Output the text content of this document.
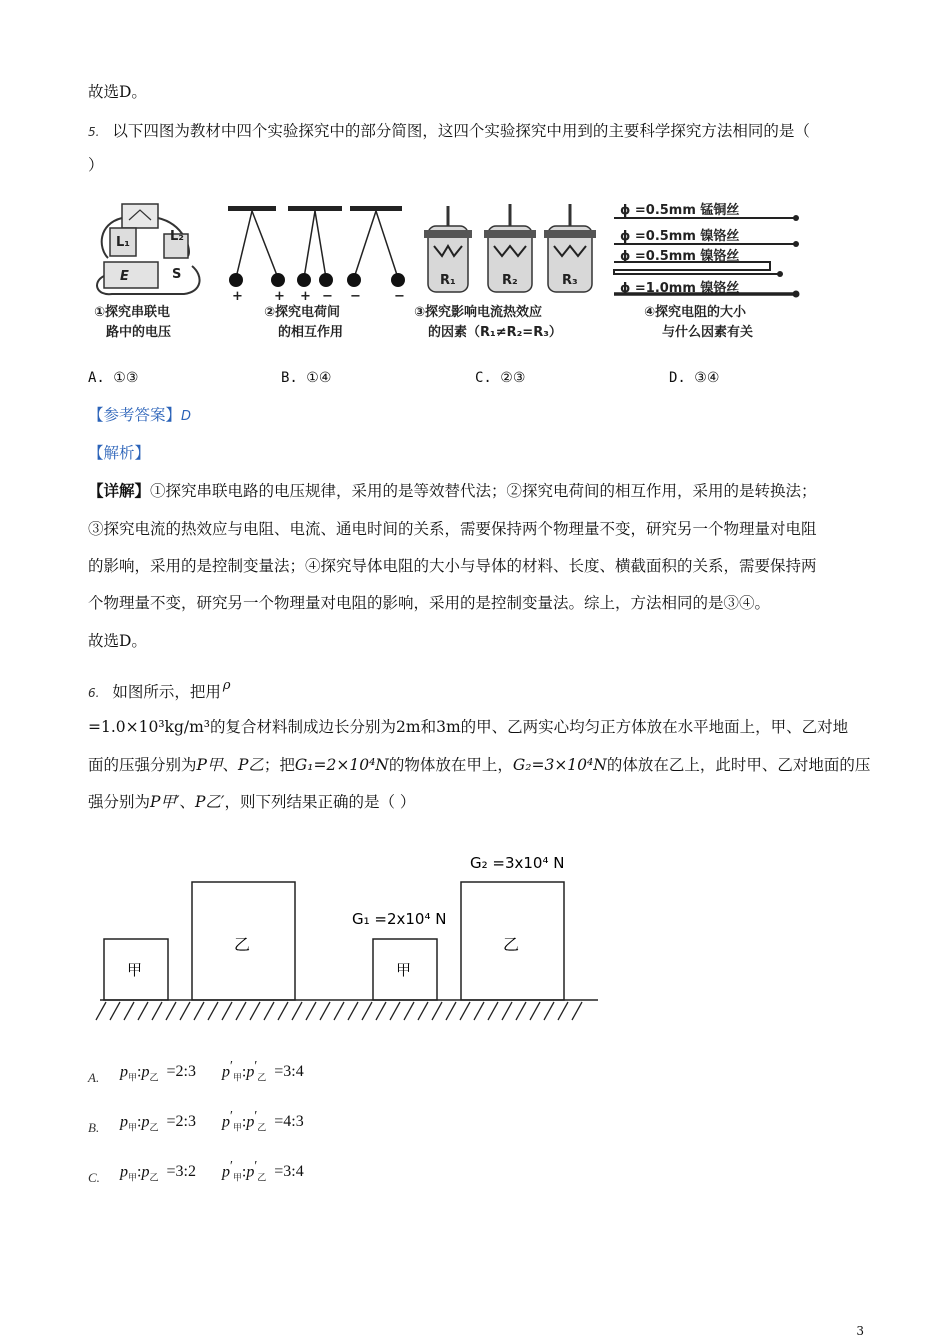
故选D。
5. 以下四图为教材中四个实验探究中的部分简图，这四个实验探究中用到的主要科学探究方法相同的是（
）
L₁	L₂
E	S
①探究串联电
路中的电压
+ + + − −	−
②探究电荷间
的相互作用
R₁	R₂	R₃
③探究影响电流热效应
的因素（R₁≠R₂=R₃）
ϕ =0.5mm 锰铜丝
ϕ =0.5mm 镍铬丝
ϕ =0.5mm 镍铬丝
ϕ =1.0mm 镍铬丝
④探究电阻的大小
与什么因素有关
A. ①③	B. ①④	C. ②③	D. ③④
【参考答案】D
【解析】
【详解】①探究串联电路的电压规律，采用的是等效替代法；②探究电荷间的相互作用，采用的是转换法；
③探究电流的热效应与电阻、电流、通电时间的关系，需要保持两个物理量不变，研究另一个物理量对电阻
的影响，采用的是控制变量法；④探究导体电阻的大小与导体的材料、长度、横截面积的关系，需要保持两
个物理量不变，研究另一个物理量对电阻的影响，采用的是控制变量法。综上，方法相同的是③④。
故选D。
6. 如图所示，把用 $^\rho$
=1.0×10³kg/m³的复合材料制成边长分别为2m和3m的甲、乙两实心均匀正方体放在水平地面上，甲、乙对地
面的压强分别为P甲、P乙；把G₁=2×10⁴N的物体放在甲上，G₂=3×10⁴N的体放在乙上，此时甲、乙对地面的压
强分别为P甲′、P乙′，则下列结果正确的是（ ）
甲
乙
甲
乙
G₁ =2x10⁴ N
G₂ =3x10⁴ N
A. $p_甲:p_乙$ =2:3 $p'_甲:p'_乙$ =3:4
B. $p_甲:p_乙$ =2:3 $p'_甲:p'_乙$ =4:3
C. $p_甲:p_乙$ =3:2 $p'_甲:p'_乙$ =3:4
3
